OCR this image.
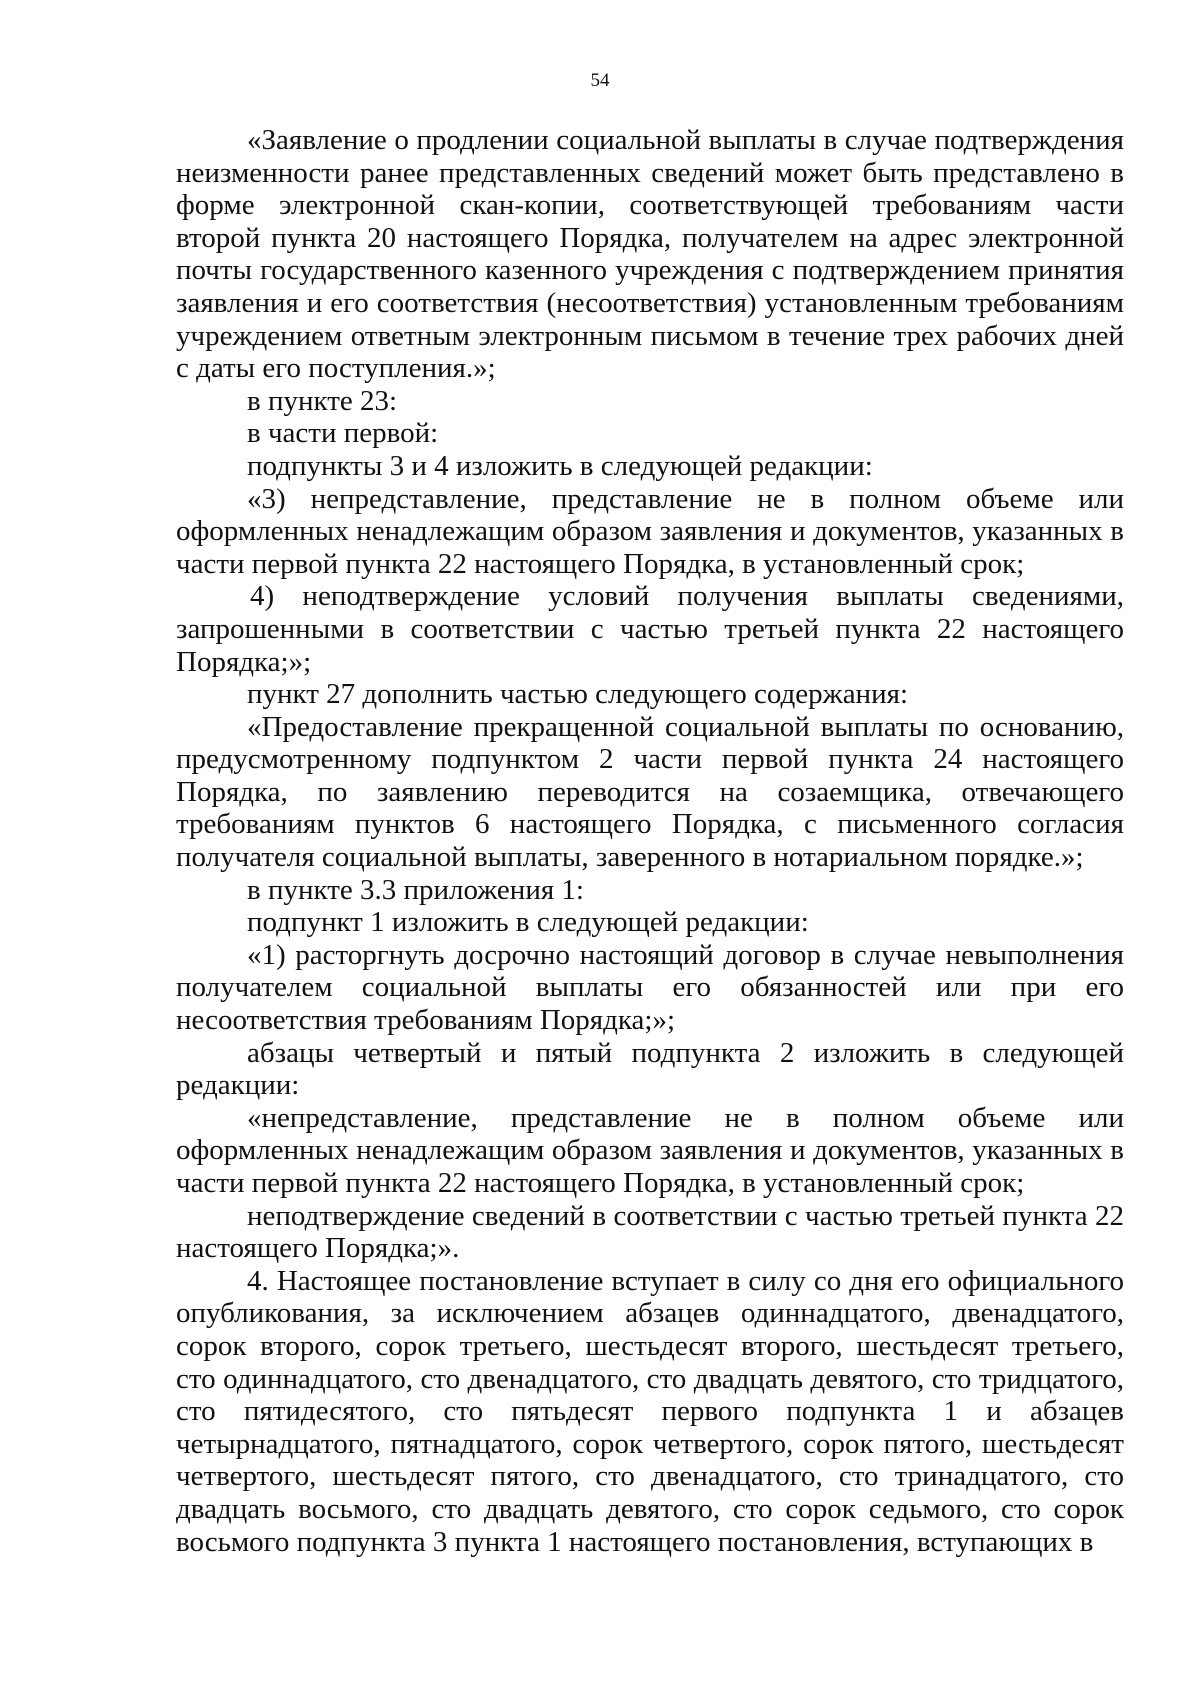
54

«Заявление о продлении социальной выплаты в случае подтверждения неизменности ранее представленных сведений может быть представлено в форме электронной скан-копии, соответствующей требованиям части второй пункта 20 настоящего Порядка, получателем на адрес электронной почты государственного казенного учреждения с подтверждением принятия заявления и его соответствия (несоответствия) установленным требованиям учреждением ответным электронным письмом в течение трех рабочих дней с даты его поступления.»;

в пункте 23:

в части первой:

подпункты 3 и 4 изложить в следующей редакции:

«3) непредставление, представление не в полном объеме или оформленных ненадлежащим образом заявления и документов, указанных в части первой пункта 22 настоящего Порядка, в установленный срок;

4) неподтверждение условий получения выплаты сведениями, запрошенными в соответствии с частью третьей пункта 22 настоящего Порядка;»;

пункт 27 дополнить частью следующего содержания:

«Предоставление прекращенной социальной выплаты по основанию, предусмотренному подпунктом 2 части первой пункта 24 настоящего Порядка, по заявлению переводится на созаемщика, отвечающего требованиям пунктов 6 настоящего Порядка, с письменного согласия получателя социальной выплаты, заверенного в нотариальном порядке.»;

в пункте 3.3 приложения 1:

подпункт 1 изложить в следующей редакции:

«1) расторгнуть досрочно настоящий договор в случае невыполнения получателем социальной выплаты его обязанностей или при его несоответствия требованиям Порядка;»;

абзацы четвертый и пятый подпункта 2 изложить в следующей редакции:

«непредставление, представление не в полном объеме или оформленных ненадлежащим образом заявления и документов, указанных в части первой пункта 22 настоящего Порядка, в установленный срок;

неподтверждение сведений в соответствии с частью третьей пункта 22 настоящего Порядка;».

4. Настоящее постановление вступает в силу со дня его официального опубликования, за исключением абзацев одиннадцатого, двенадцатого, сорок второго, сорок третьего, шестьдесят второго, шестьдесят третьего, сто одиннадцатого, сто двенадцатого, сто двадцать девятого, сто тридцатого, сто пятидесятого, сто пятьдесят первого подпункта 1 и абзацев четырнадцатого, пятнадцатого, сорок четвертого, сорок пятого, шестьдесят четвертого, шестьдесят пятого, сто двенадцатого, сто тринадцатого, сто двадцать восьмого, сто двадцать девятого, сто сорок седьмого, сто сорок восьмого подпункта 3 пункта 1 настоящего постановления, вступающих в
